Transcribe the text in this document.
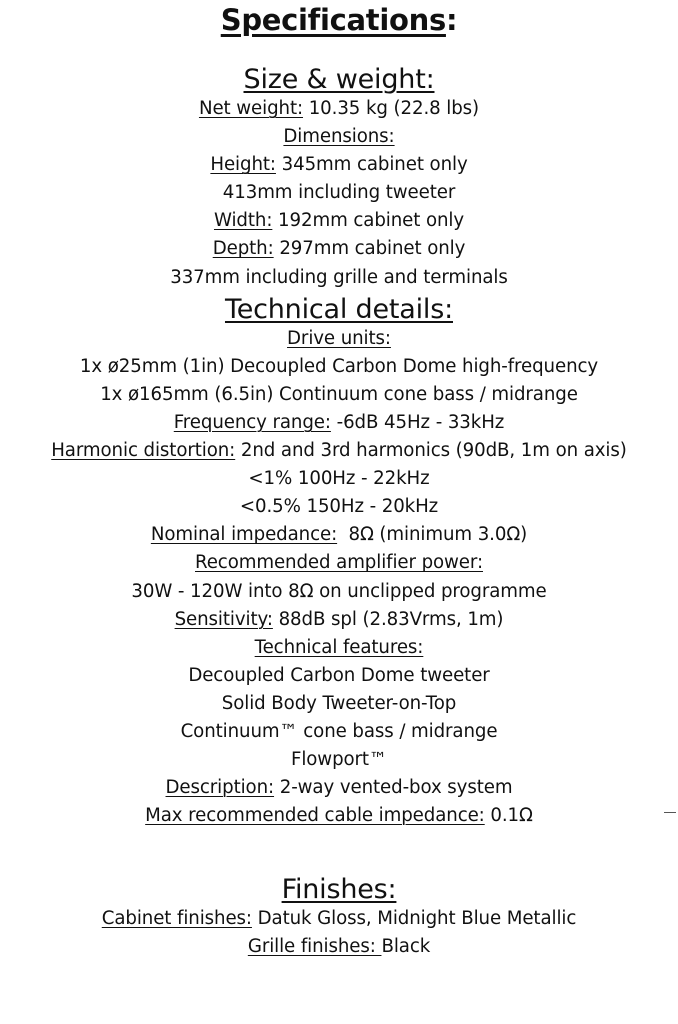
Specifications:
Size & weight:
Net weight: 10.35 kg (22.8 lbs)
Dimensions:
Height: 345mm cabinet only
413mm including tweeter
Width: 192mm cabinet only
Depth: 297mm cabinet only
337mm including grille and terminals
Technical details:
Drive units:
1x ø25mm (1in) Decoupled Carbon Dome high-frequency
1x ø165mm (6.5in) Continuum cone bass / midrange
Frequency range: -6dB 45Hz - 33kHz
Harmonic distortion: 2nd and 3rd harmonics (90dB, 1m on axis)
<1% 100Hz - 22kHz
<0.5% 150Hz - 20kHz
Nominal impedance:  8Ω (minimum 3.0Ω)
Recommended amplifier power:
30W - 120W into 8Ω on unclipped programme
Sensitivity: 88dB spl (2.83Vrms, 1m)
Technical features:
Decoupled Carbon Dome tweeter
Solid Body Tweeter-on-Top
Continuum™ cone bass / midrange
Flowport™
Description: 2-way vented-box system
Max recommended cable impedance: 0.1Ω
Finishes:
Cabinet finishes: Datuk Gloss, Midnight Blue Metallic
Grille finishes: Black
